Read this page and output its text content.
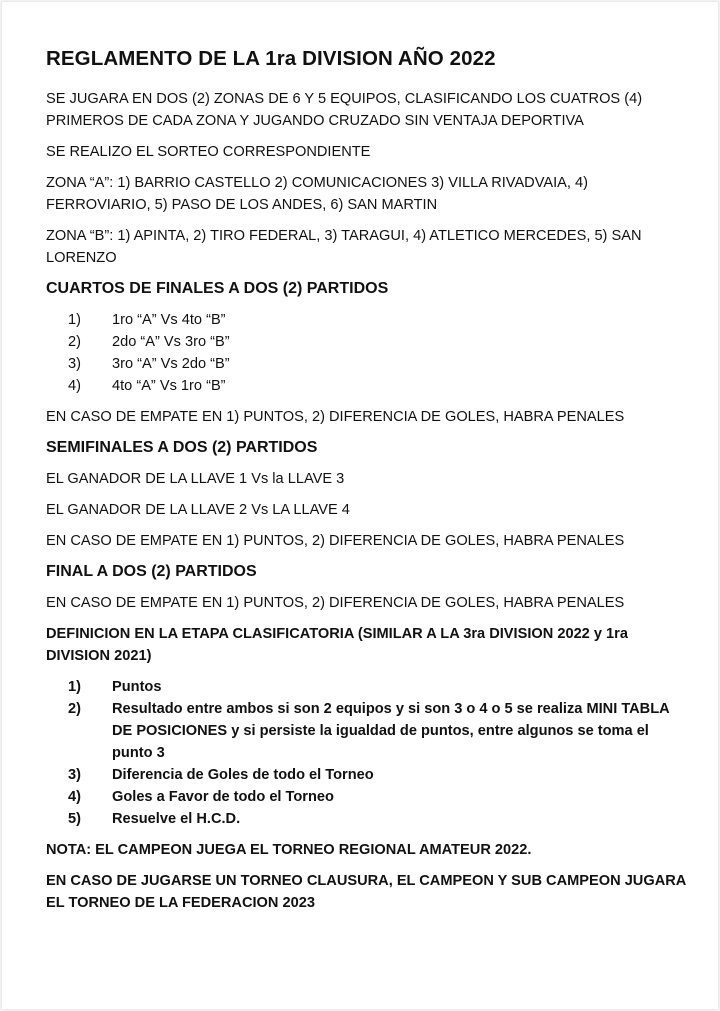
REGLAMENTO DE LA 1ra DIVISION AÑO 2022
SE JUGARA EN DOS (2) ZONAS DE 6 Y 5 EQUIPOS, CLASIFICANDO LOS CUATROS (4) PRIMEROS DE CADA ZONA Y JUGANDO CRUZADO SIN VENTAJA DEPORTIVA
SE REALIZO EL SORTEO CORRESPONDIENTE
ZONA “A”: 1) BARRIO CASTELLO 2) COMUNICACIONES 3) VILLA RIVADVAIA, 4) FERROVIARIO, 5) PASO DE LOS ANDES, 6) SAN MARTIN
ZONA “B”: 1) APINTA, 2) TIRO FEDERAL, 3) TARAGUI, 4) ATLETICO MERCEDES, 5) SAN LORENZO
CUARTOS DE FINALES A DOS (2) PARTIDOS
1)	1ro “A” Vs 4to “B”
2)	2do “A” Vs 3ro “B”
3)	3ro “A” Vs 2do “B”
4)	4to “A” Vs 1ro “B”
EN CASO DE EMPATE EN 1) PUNTOS, 2) DIFERENCIA DE GOLES, HABRA PENALES
SEMIFINALES A DOS (2) PARTIDOS
EL GANADOR DE LA LLAVE 1 Vs la LLAVE 3
EL GANADOR DE LA LLAVE 2 Vs LA LLAVE 4
EN CASO DE EMPATE EN 1) PUNTOS, 2) DIFERENCIA DE GOLES, HABRA PENALES
FINAL A DOS (2) PARTIDOS
EN CASO DE EMPATE EN 1) PUNTOS, 2) DIFERENCIA DE GOLES, HABRA PENALES
DEFINICION EN LA ETAPA CLASIFICATORIA (SIMILAR A LA 3ra DIVISION 2022 y 1ra DIVISION 2021)
1)	Puntos
2)	Resultado entre ambos si son 2 equipos y si son 3 o 4 o 5 se realiza MINI TABLA DE POSICIONES y si persiste la igualdad de puntos, entre algunos se toma el punto 3
3)	Diferencia de Goles de todo el Torneo
4)	Goles a Favor de todo el Torneo
5)	Resuelve el H.C.D.
NOTA: EL CAMPEON JUEGA EL TORNEO REGIONAL AMATEUR 2022.
EN CASO DE JUGARSE UN TORNEO CLAUSURA, EL CAMPEON Y SUB CAMPEON JUGARA EL TORNEO DE LA FEDERACION 2023
